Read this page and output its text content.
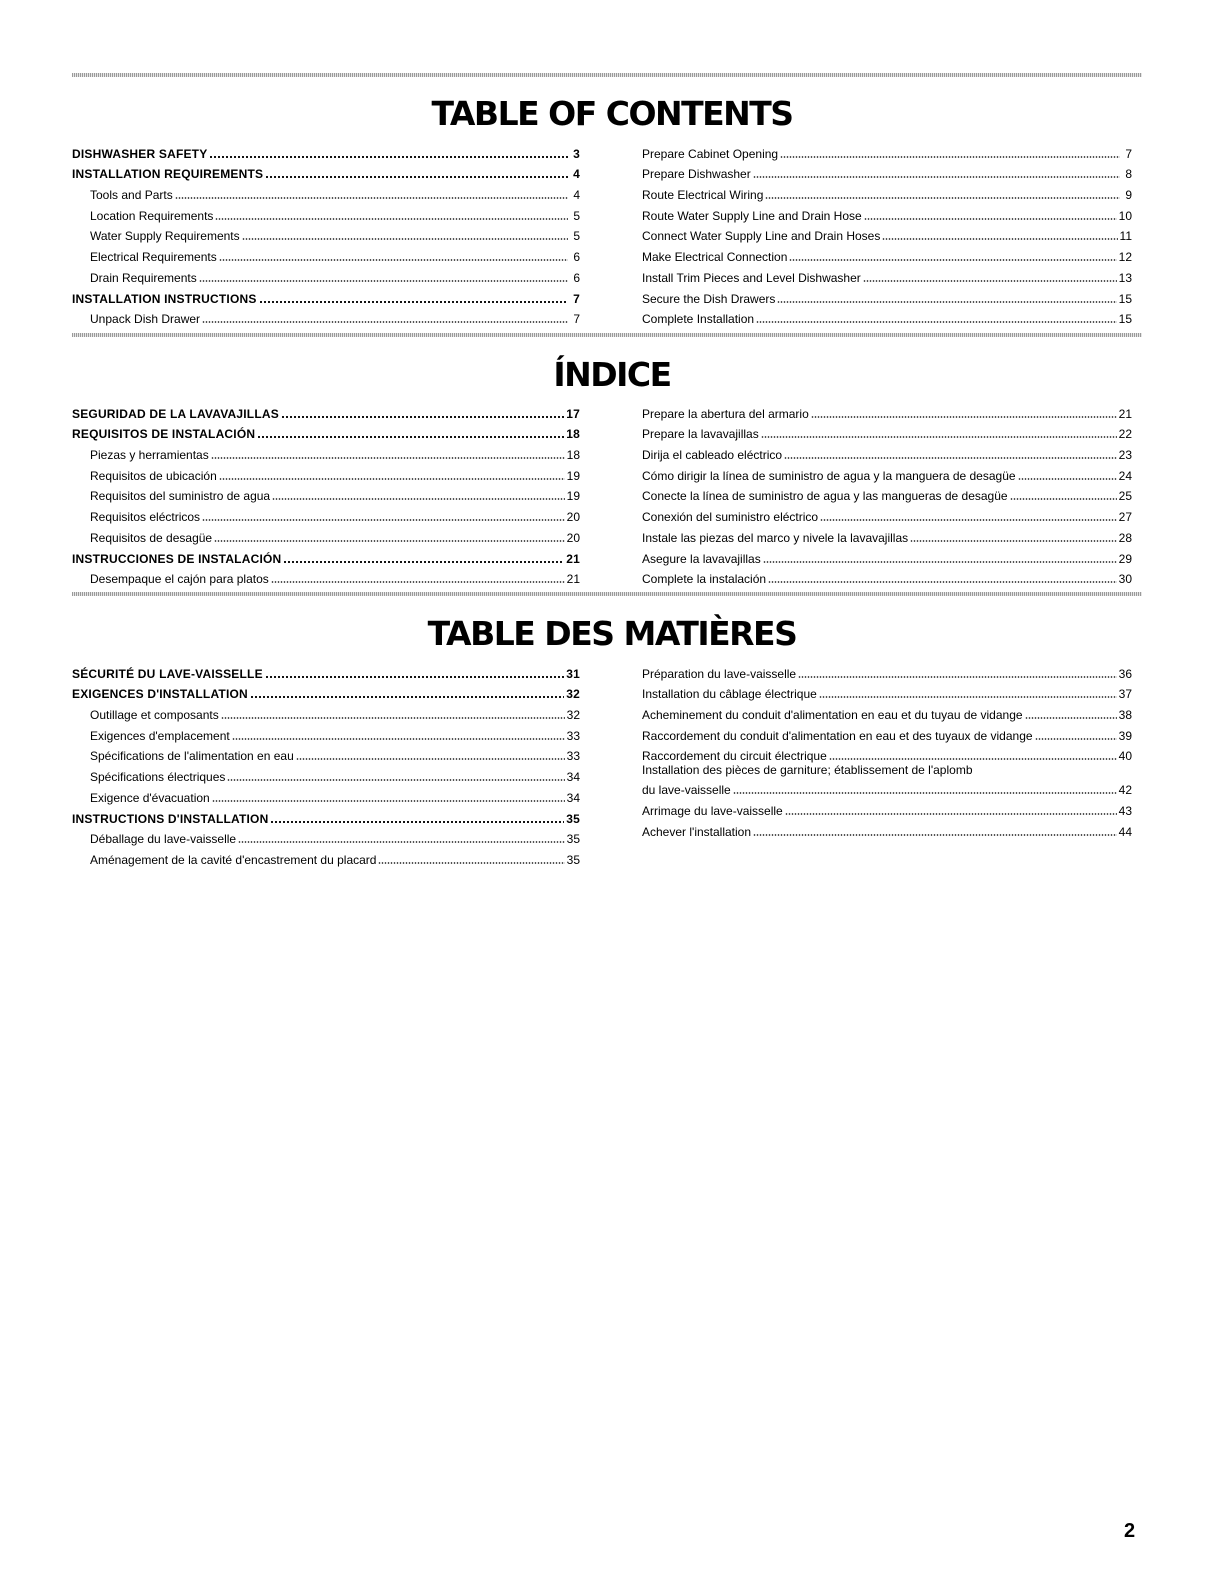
TABLE OF CONTENTS
DISHWASHER SAFETY	3
INSTALLATION REQUIREMENTS	4
Tools and Parts	4
Location Requirements	5
Water Supply Requirements	5
Electrical Requirements	6
Drain Requirements	6
INSTALLATION INSTRUCTIONS	7
Unpack Dish Drawer	7
Prepare Cabinet Opening	7
Prepare Dishwasher	8
Route Electrical Wiring	9
Route Water Supply Line and Drain Hose	10
Connect Water Supply Line and Drain Hoses	11
Make Electrical Connection	12
Install Trim Pieces and Level Dishwasher	13
Secure the Dish Drawers	15
Complete Installation	15
ÍNDICE
SEGURIDAD DE LA LAVAVAJILLAS	17
REQUISITOS DE INSTALACIÓN	18
Piezas y herramientas	18
Requisitos de ubicación	19
Requisitos del suministro de agua	19
Requisitos eléctricos	20
Requisitos de desagüe	20
INSTRUCCIONES DE INSTALACIÓN	21
Desempaque el cajón para platos	21
Prepare la abertura del armario	21
Prepare la lavavajillas	22
Dirija el cableado eléctrico	23
Cómo dirigir la línea de suministro de agua y la manguera de desagüe	24
Conecte la línea de suministro de agua y las mangueras de desagüe	25
Conexión del suministro eléctrico	27
Instale las piezas del marco y nivele la lavavajillas	28
Asegure la lavavajillas	29
Complete la instalación	30
TABLE DES MATIÈRES
SÉCURITÉ DU LAVE-VAISSELLE	31
EXIGENCES D'INSTALLATION	32
Outillage et composants	32
Exigences d'emplacement	33
Spécifications de l'alimentation en eau	33
Spécifications électriques	34
Exigence d'évacuation	34
INSTRUCTIONS D'INSTALLATION	35
Déballage du lave-vaisselle	35
Aménagement de la cavité d'encastrement du placard	35
Préparation du lave-vaisselle	36
Installation du câblage électrique	37
Acheminement du conduit d'alimentation en eau et du tuyau de vidange	38
Raccordement du conduit d'alimentation en eau et des tuyaux de vidange	39
Raccordement du circuit électrique	40
Installation des pièces de garniture; établissement de l'aplomb
du lave-vaisselle	42
Arrimage du lave-vaisselle	43
Achever l'installation	44
2
